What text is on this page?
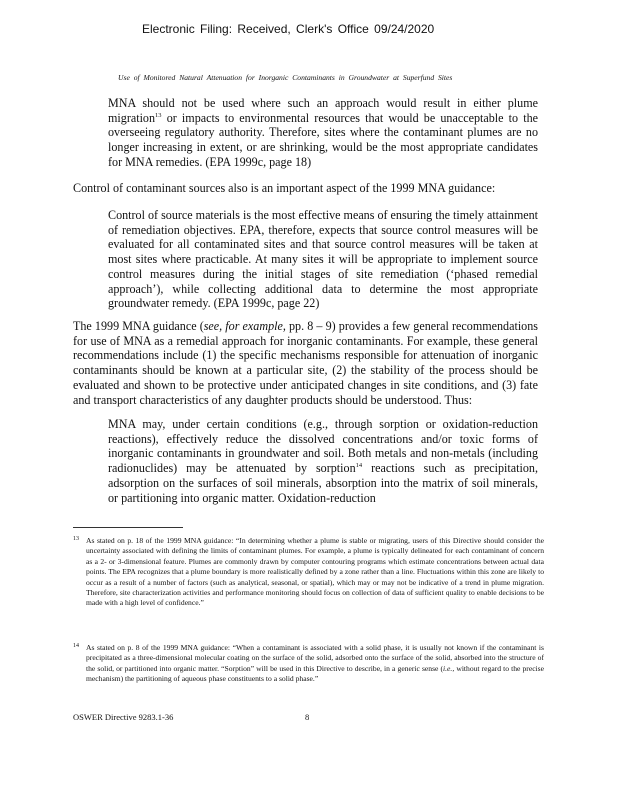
Electronic Filing: Received, Clerk's Office 09/24/2020
Use of Monitored Natural Attenuation for Inorganic Contaminants in Groundwater at Superfund Sites
MNA should not be used where such an approach would result in either plume migration$^{13}$ or impacts to environmental resources that would be unacceptable to the overseeing regulatory authority. Therefore, sites where the contaminant plumes are no longer increasing in extent, or are shrinking, would be the most appropriate candidates for MNA remedies. (EPA 1999c, page 18)
Control of contaminant sources also is an important aspect of the 1999 MNA guidance:
Control of source materials is the most effective means of ensuring the timely attainment of remediation objectives. EPA, therefore, expects that source control measures will be evaluated for all contaminated sites and that source control measures will be taken at most sites where practicable. At many sites it will be appropriate to implement source control measures during the initial stages of site remediation (‘phased remedial approach’), while collecting additional data to determine the most appropriate groundwater remedy. (EPA 1999c, page 22)
The 1999 MNA guidance (see, for example, pp. 8 – 9) provides a few general recommendations for use of MNA as a remedial approach for inorganic contaminants. For example, these general recommendations include (1) the specific mechanisms responsible for attenuation of inorganic contaminants should be known at a particular site, (2) the stability of the process should be evaluated and shown to be protective under anticipated changes in site conditions, and (3) fate and transport characteristics of any daughter products should be understood. Thus:
MNA may, under certain conditions (e.g., through sorption or oxidation-reduction reactions), effectively reduce the dissolved concentrations and/or toxic forms of inorganic contaminants in groundwater and soil. Both metals and non-metals (including radionuclides) may be attenuated by sorption$^{14}$ reactions such as precipitation, adsorption on the surfaces of soil minerals, absorption into the matrix of soil minerals, or partitioning into organic matter. Oxidation-reduction
13 As stated on p. 18 of the 1999 MNA guidance: “In determining whether a plume is stable or migrating, users of this Directive should consider the uncertainty associated with defining the limits of contaminant plumes. For example, a plume is typically delineated for each contaminant of concern as a 2- or 3-dimensional feature. Plumes are commonly drawn by computer contouring programs which estimate concentrations between actual data points. The EPA recognizes that a plume boundary is more realistically defined by a zone rather than a line. Fluctuations within this zone are likely to occur as a result of a number of factors (such as analytical, seasonal, or spatial), which may or may not be indicative of a trend in plume migration. Therefore, site characterization activities and performance monitoring should focus on collection of data of sufficient quality to enable decisions to be made with a high level of confidence.”
14 As stated on p. 8 of the 1999 MNA guidance: “When a contaminant is associated with a solid phase, it is usually not known if the contaminant is precipitated as a three-dimensional molecular coating on the surface of the solid, adsorbed onto the surface of the solid, absorbed into the structure of the solid, or partitioned into organic matter. “Sorption” will be used in this Directive to describe, in a generic sense (i.e., without regard to the precise mechanism) the partitioning of aqueous phase constituents to a solid phase.”
OSWER Directive 9283.1-36	8
